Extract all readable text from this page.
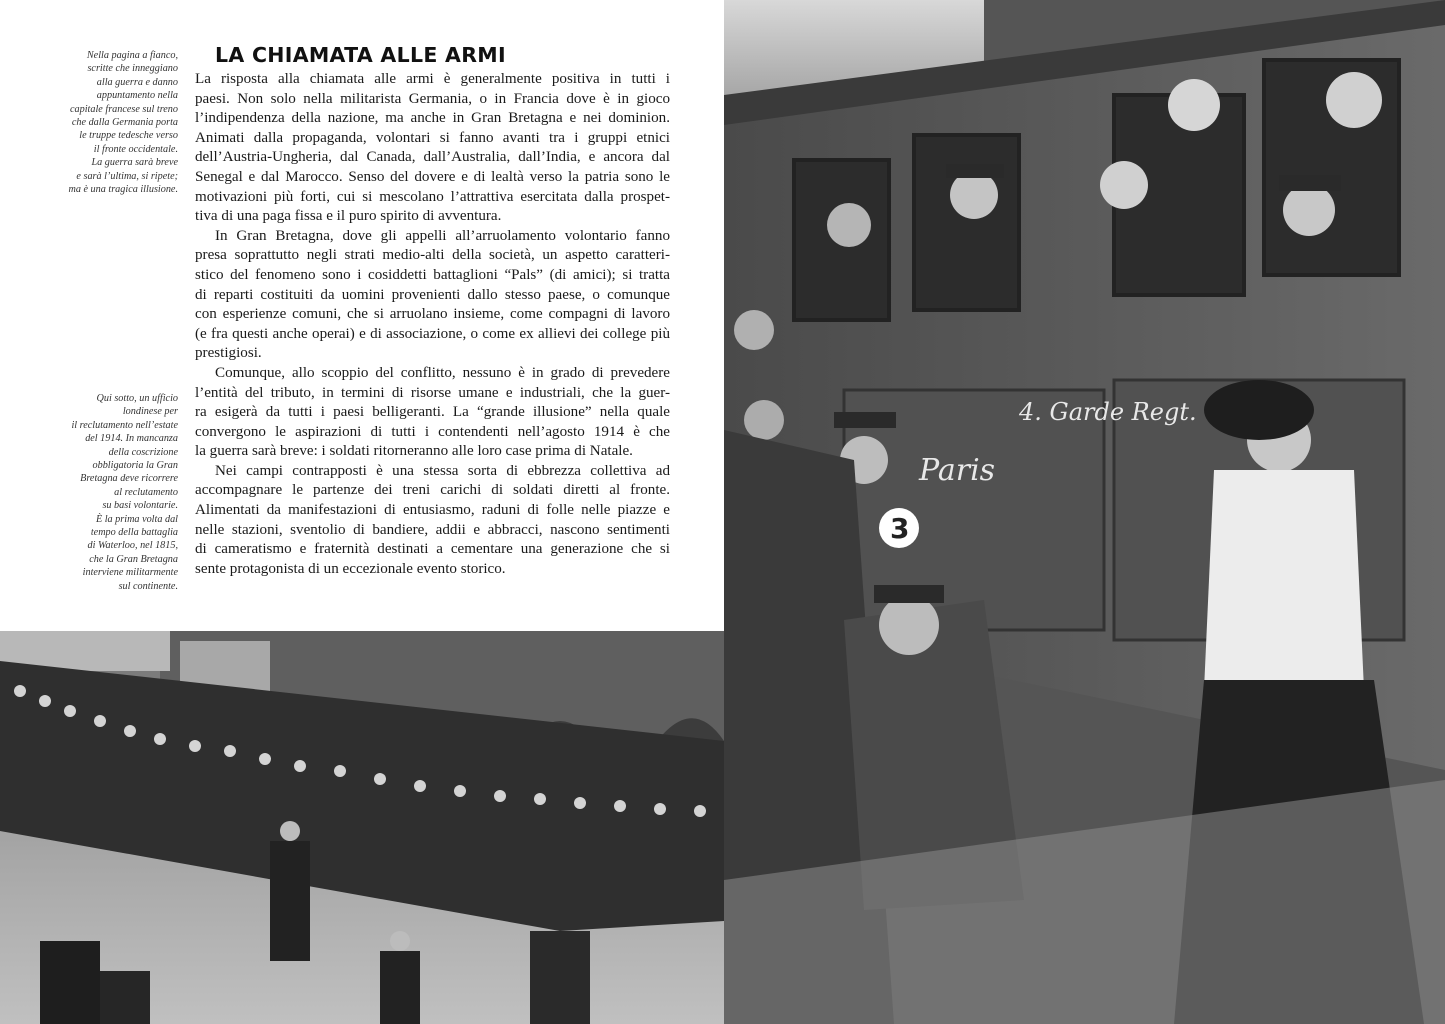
Nella pagina a fianco,
scritte che inneggiano
alla guerra e danno
appuntamento nella
capitale francese sul treno
che dalla Germania porta
le truppe tedesche verso
il fronte occidentale.
La guerra sarà breve
e sarà l’ultima, si ripete;
ma è una tragica illusione.
Qui sotto, un ufficio
londinese per
il reclutamento nell’estate
del 1914. In mancanza
della coscrizione
obbligatoria la Gran
Bretagna deve ricorrere
al reclutamento
su basi volontarie.
È la prima volta dal
tempo della battaglia
di Waterloo, nel 1815,
che la Gran Bretagna
interviene militarmente
sul continente.
LA CHIAMATA ALLE ARMI
La risposta alla chiamata alle armi è generalmente positiva in tutti i
paesi. Non solo nella militarista Germania, o in Francia dove è in gioco
l’indipendenza della nazione, ma anche in Gran Bretagna e nei dominion.
Animati dalla propaganda, volontari si fanno avanti tra i gruppi etnici
dell’Austria-Ungheria, dal Canada, dall’Australia, dall’India, e ancora dal
Senegal e dal Marocco. Senso del dovere e di lealtà verso la patria sono le
motivazioni più forti, cui si mescolano l’attrattiva esercitata dalla prospet-
tiva di una paga fissa e il puro spirito di avventura.
In Gran Bretagna, dove gli appelli all’arruolamento volontario fanno
presa soprattutto negli strati medio-alti della società, un aspetto caratteri-
stico del fenomeno sono i cosiddetti battaglioni “Pals” (di amici); si tratta
di reparti costituiti da uomini provenienti dallo stesso paese, o comunque
con esperienze comuni, che si arruolano insieme, come compagni di lavoro
(e fra questi anche operai) e di associazione, o come ex allievi dei college più
prestigiosi.
Comunque, allo scoppio del conflitto, nessuno è in grado di prevedere
l’entità del tributo, in termini di risorse umane e industriali, che la guer-
ra esigerà da tutti i paesi belligeranti. La “grande illusione” nella quale
convergono le aspirazioni di tutti i contendenti nell’agosto 1914 è che
la guerra sarà breve: i soldati ritorneranno alle loro case prima di Natale.
Nei campi contrapposti è una stessa sorta di ebbrezza collettiva ad
accompagnare le partenze dei treni carichi di soldati diretti al fronte.
Alimentati da manifestazioni di entusiasmo, raduni di folle nelle piazze e
nelle stazioni, sventolio di bandiere, addii e abbracci, nascono sentimenti
di cameratismo e fraternità destinati a cementare una generazione che si
sente protagonista di un eccezionale evento storico.
Paris
4. Garde Regt.
3
